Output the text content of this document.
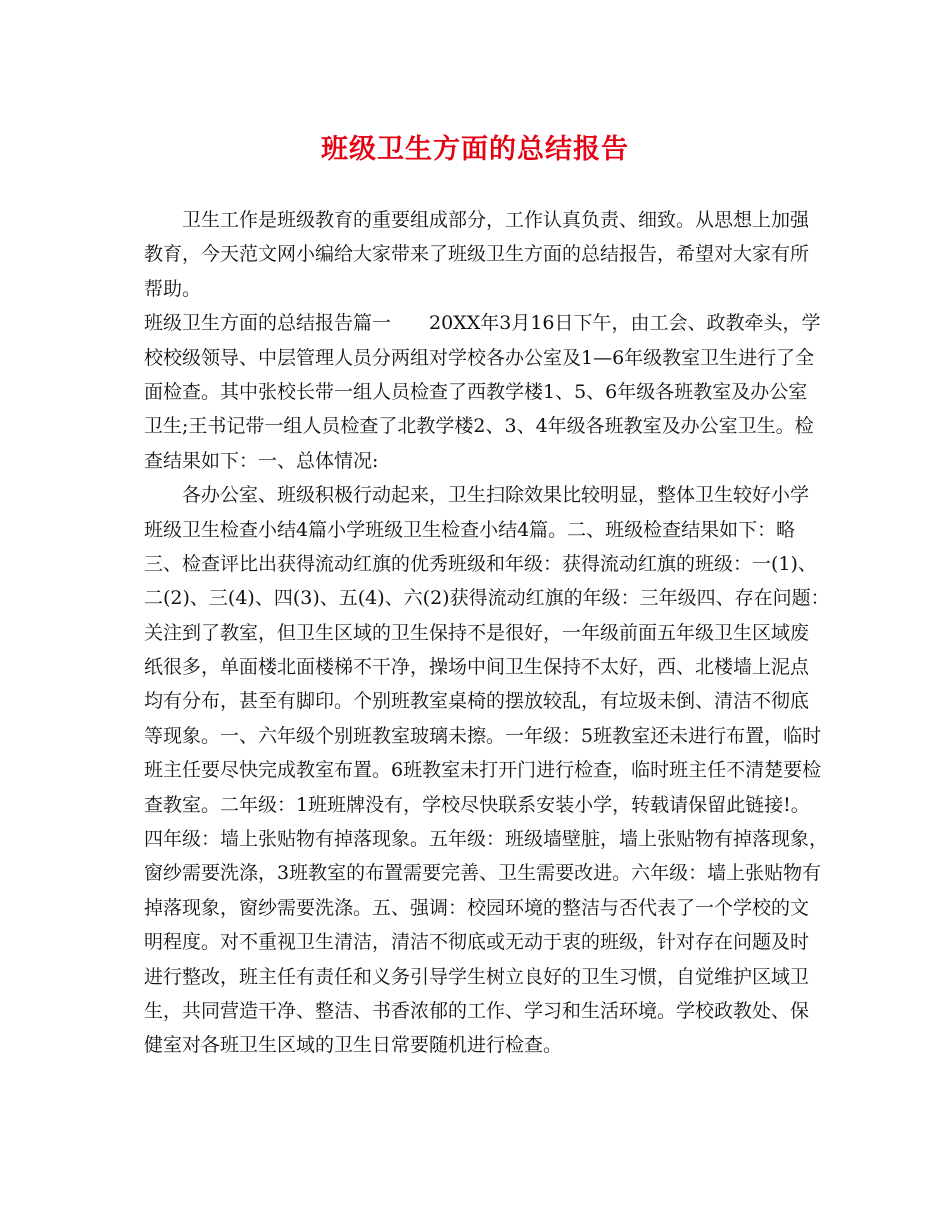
班级卫生方面的总结报告
卫生工作是班级教育的重要组成部分，工作认真负责、细致。从思想上加强
教育，今天范文网小编给大家带来了班级卫生方面的总结报告，希望对大家有所
帮助。
班级卫生方面的总结报告篇一　　20XX年3月16日下午，由工会、政教牵头，学
校校级领导、中层管理人员分两组对学校各办公室及1—6年级教室卫生进行了全
面检查。其中张校长带一组人员检查了西教学楼1、5、6年级各班教室及办公室
卫生;王书记带一组人员检查了北教学楼2、3、4年级各班教室及办公室卫生。检
查结果如下：一、总体情况:
各办公室、班级积极行动起来，卫生扫除效果比较明显，整体卫生较好小学
班级卫生检查小结4篇小学班级卫生检查小结4篇。二、班级检查结果如下：略
三、检查评比出获得流动红旗的优秀班级和年级：获得流动红旗的班级：一(1)、
二(2)、三(4)、四(3)、五(4)、六(2)获得流动红旗的年级：三年级四、存在问题：
关注到了教室，但卫生区域的卫生保持不是很好，一年级前面五年级卫生区域废
纸很多，单面楼北面楼梯不干净，操场中间卫生保持不太好，西、北楼墙上泥点
均有分布，甚至有脚印。个别班教室桌椅的摆放较乱，有垃圾未倒、清洁不彻底
等现象。一、六年级个别班教室玻璃未擦。一年级：5班教室还未进行布置，临时
班主任要尽快完成教室布置。6班教室未打开门进行检查，临时班主任不清楚要检
查教室。二年级：1班班牌没有，学校尽快联系安装小学，转载请保留此链接!。
四年级：墙上张贴物有掉落现象。五年级：班级墙壁脏，墙上张贴物有掉落现象，
窗纱需要洗涤，3班教室的布置需要完善、卫生需要改进。六年级：墙上张贴物有
掉落现象，窗纱需要洗涤。五、强调：校园环境的整洁与否代表了一个学校的文
明程度。对不重视卫生清洁，清洁不彻底或无动于衷的班级，针对存在问题及时
进行整改，班主任有责任和义务引导学生树立良好的卫生习惯，自觉维护区域卫
生，共同营造干净、整洁、书香浓郁的工作、学习和生活环境。学校政教处、保
健室对各班卫生区域的卫生日常要随机进行检查。
